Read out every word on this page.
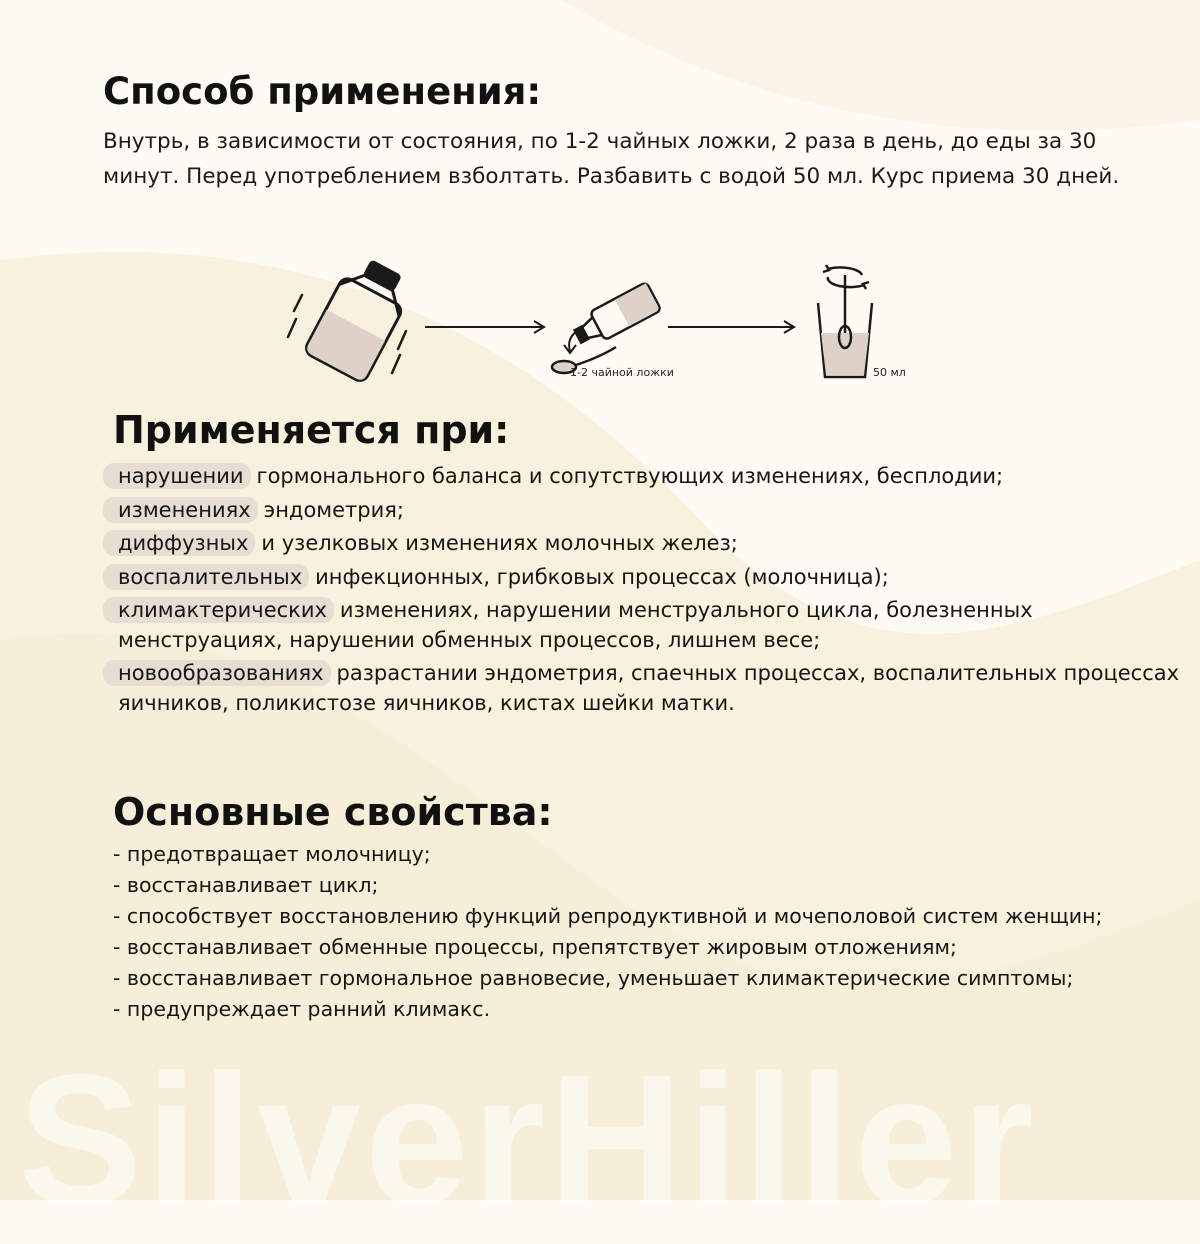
SilverHiller
Способ применения:

Внутрь, в зависимости от состояния, по 1-2 чайных ложки, 2 раза в день, до еды за 30 минут. Перед употреблением взболтать. Разбавить с водой 50 мл. Курс приема 30 дней.

1-2 чайной ложки	50 мл
Применяется при:
нарушении гормонального баланса и сопутствующих изменениях, бесплодии;
изменениях эндометрия;
диффузных и узелковых изменениях молочных желез;
воспалительных инфекционных, грибковых процессах (молочница);
климактерических изменениях, нарушении менструального цикла, болезненных менструациях, нарушении обменных процессов, лишнем весе;
новообразованиях разрастании эндометрия, спаечных процессах, воспалительных процессах яичников, поликистозе яичников, кистах шейки матки.
Основные свойства:
- предотвращает молочницу;
- восстанавливает цикл;
- способствует восстановлению функций репродуктивной и мочеполовой систем женщин;
- восстанавливает обменные процессы, препятствует жировым отложениям;
- восстанавливает гормональное равновесие, уменьшает климактерические симптомы;
- предупреждает ранний климакс.
